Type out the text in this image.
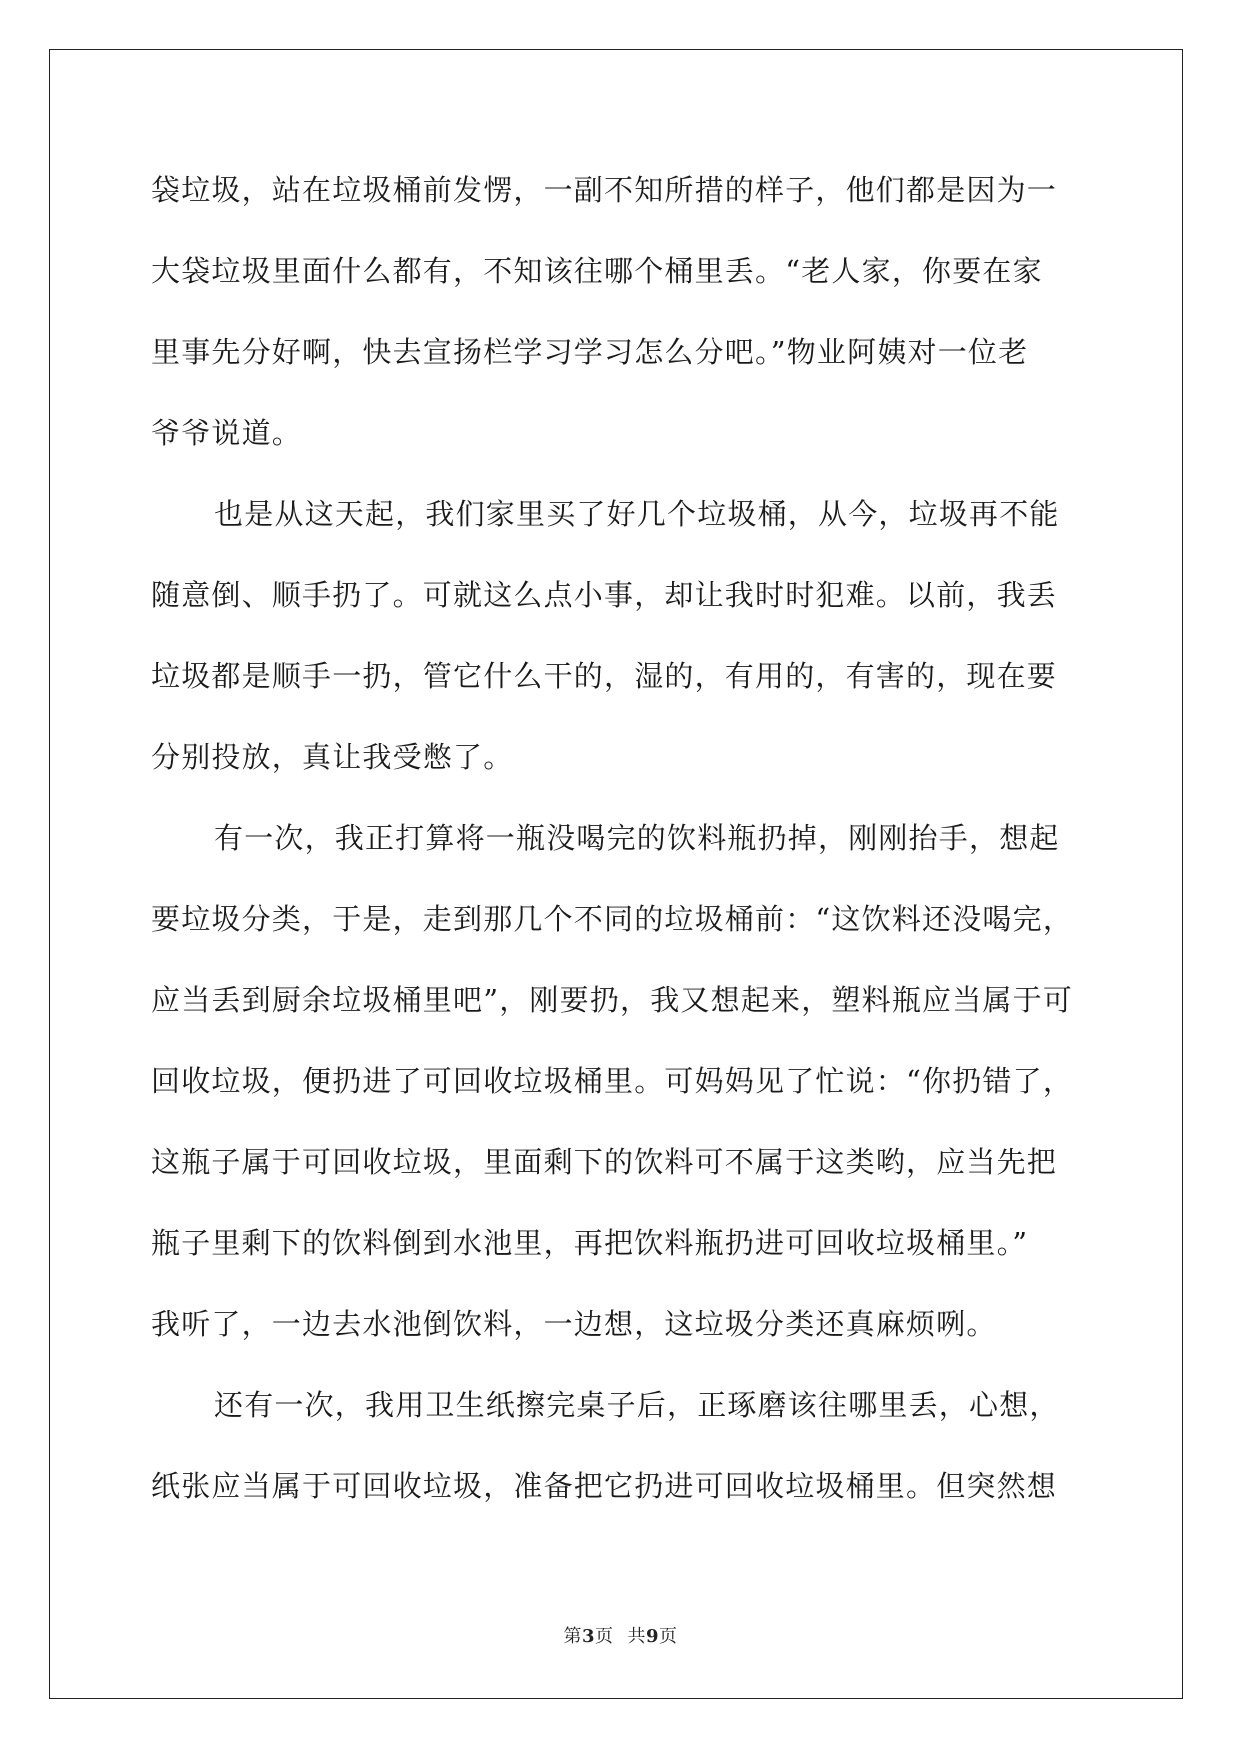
袋垃圾，站在垃圾桶前发愣，一副不知所措的样子，他们都是因为一
大袋垃圾里面什么都有，不知该往哪个桶里丢。“老人家，你要在家
里事先分好啊，快去宣扬栏学习学习怎么分吧。”物业阿姨对一位老
爷爷说道。
也是从这天起，我们家里买了好几个垃圾桶，从今，垃圾再不能
随意倒、顺手扔了。可就这么点小事，却让我时时犯难。以前，我丢
垃圾都是顺手一扔，管它什么干的，湿的，有用的，有害的，现在要
分别投放，真让我受憋了。
有一次，我正打算将一瓶没喝完的饮料瓶扔掉，刚刚抬手，想起
要垃圾分类，于是，走到那几个不同的垃圾桶前：“这饮料还没喝完，
应当丢到厨余垃圾桶里吧”，刚要扔，我又想起来，塑料瓶应当属于可
回收垃圾，便扔进了可回收垃圾桶里。可妈妈见了忙说：“你扔错了，
这瓶子属于可回收垃圾，里面剩下的饮料可不属于这类哟，应当先把
瓶子里剩下的饮料倒到水池里，再把饮料瓶扔进可回收垃圾桶里。”
我听了，一边去水池倒饮料，一边想，这垃圾分类还真麻烦咧。
还有一次，我用卫生纸擦完桌子后，正琢磨该往哪里丢，心想，
纸张应当属于可回收垃圾，准备把它扔进可回收垃圾桶里。但突然想
第3页 共9页
